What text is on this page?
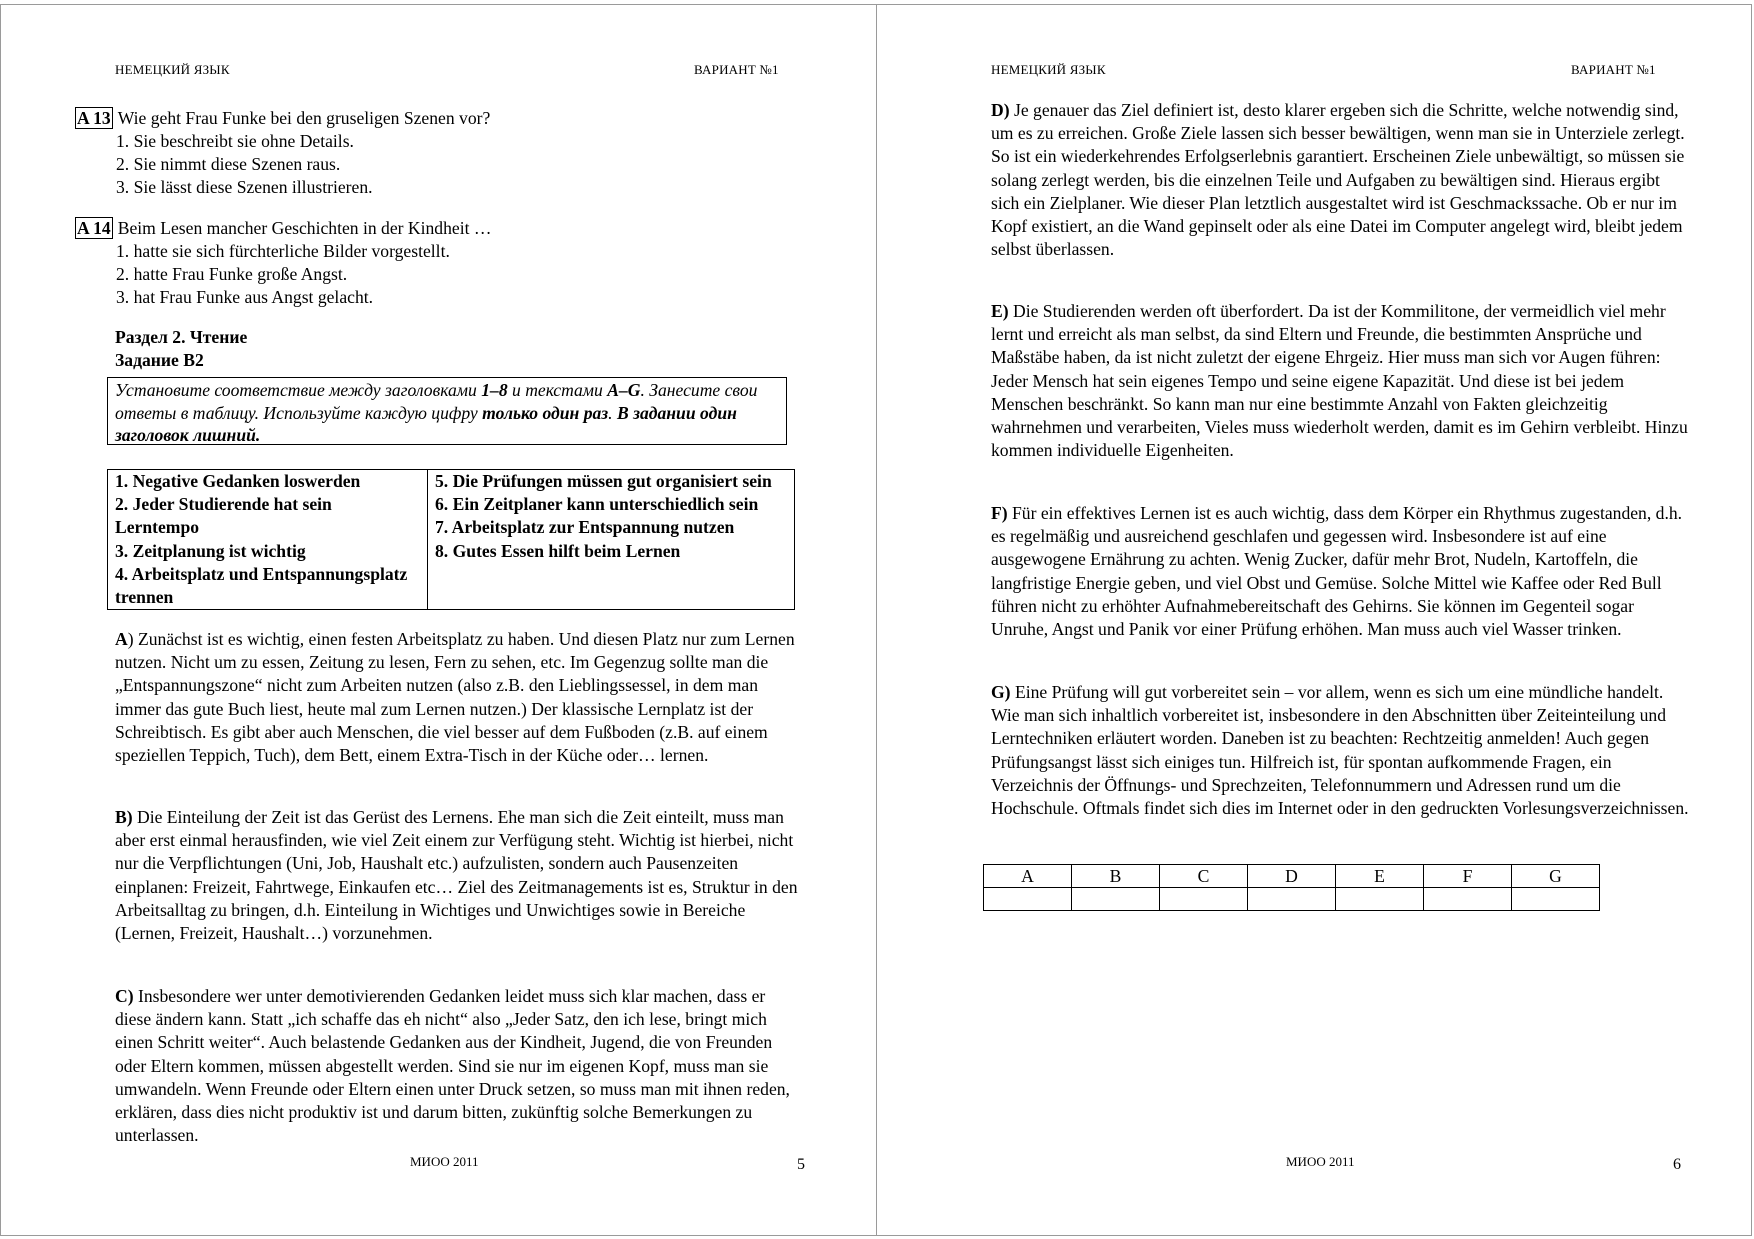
НЕМЕЦКИЙ ЯЗЫК	ВАРИАНТ №1
A 13 Wie geht Frau Funke bei den gruseligen Szenen vor?
1. Sie beschreibt sie ohne Details.
2. Sie nimmt diese Szenen raus.
3. Sie lässt diese Szenen illustrieren.
A 14 Beim Lesen mancher Geschichten in der Kindheit …
1. hatte sie sich fürchterliche Bilder vorgestellt.
2. hatte Frau Funke große Angst.
3. hat Frau Funke aus Angst gelacht.
Раздел 2. Чтение
Задание B2
Установите соответствие между заголовками 1–8 и текстами A–G. Занесите свои ответы в таблицу. Используйте каждую цифру только один раз. В задании один заголовок лишний.
1. Negative Gedanken loswerden
2. Jeder Studierende hat sein Lerntempo
3. Zeitplanung ist wichtig
4. Arbeitsplatz und Entspannungsplatz trennen
5. Die Prüfungen müssen gut organisiert sein
6. Ein Zeitplaner kann unterschiedlich sein
7. Arbeitsplatz zur Entspannung nutzen
8. Gutes Essen hilft beim Lernen

A) Zunächst ist es wichtig, einen festen Arbeitsplatz zu haben. Und diesen Platz nur zum Lernen nutzen. Nicht um zu essen, Zeitung zu lesen, Fern zu sehen, etc. Im Gegenzug sollte man die „Entspannungszone“ nicht zum Arbeiten nutzen (also z.B. den Lieblingssessel, in dem man immer das gute Buch liest, heute mal zum Lernen nutzen.) Der klassische Lernplatz ist der Schreibtisch. Es gibt aber auch Menschen, die viel besser auf dem Fußboden (z.B. auf einem speziellen Teppich, Tuch), dem Bett, einem Extra-Tisch in der Küche oder… lernen.

B) Die Einteilung der Zeit ist das Gerüst des Lernens. Ehe man sich die Zeit einteilt, muss man aber erst einmal herausfinden, wie viel Zeit einem zur Verfügung steht. Wichtig ist hierbei, nicht nur die Verpflichtungen (Uni, Job, Haushalt etc.) aufzulisten, sondern auch Pausenzeiten einplanen: Freizeit, Fahrtwege, Einkaufen etc… Ziel des Zeitmanagements ist es, Struktur in den Arbeitsalltag zu bringen, d.h. Einteilung in Wichtiges und Unwichtiges sowie in Bereiche (Lernen, Freizeit, Haushalt…) vorzunehmen.

C) Insbesondere wer unter demotivierenden Gedanken leidet muss sich klar machen, dass er diese ändern kann. Statt „ich schaffe das eh nicht“ also „Jeder Satz, den ich lese, bringt mich einen Schritt weiter“. Auch belastende Gedanken aus der Kindheit, Jugend, die von Freunden oder Eltern kommen, müssen abgestellt werden. Sind sie nur im eigenen Kopf, muss man sie umwandeln. Wenn Freunde oder Eltern einen unter Druck setzen, so muss man mit ihnen reden, erklären, dass dies nicht produktiv ist und darum bitten, zukünftig solche Bemerkungen zu unterlassen.

МИОО 2011	5
НЕМЕЦКИЙ ЯЗЫК	ВАРИАНТ №1

D) Je genauer das Ziel definiert ist, desto klarer ergeben sich die Schritte, welche notwendig sind, um es zu erreichen. Große Ziele lassen sich besser bewältigen, wenn man sie in Unterziele zerlegt. So ist ein wiederkehrendes Erfolgserlebnis garantiert. Erscheinen Ziele unbewältigt, so müssen sie solang zerlegt werden, bis die einzelnen Teile und Aufgaben zu bewältigen sind. Hieraus ergibt sich ein Zielplaner. Wie dieser Plan letztlich ausgestaltet wird ist Geschmackssache. Ob er nur im Kopf existiert, an die Wand gepinselt oder als eine Datei im Computer angelegt wird, bleibt jedem selbst überlassen.

E) Die Studierenden werden oft überfordert. Da ist der Kommilitone, der vermeidlich viel mehr lernt und erreicht als man selbst, da sind Eltern und Freunde, die bestimmten Ansprüche und Maßstäbe haben, da ist nicht zuletzt der eigene Ehrgeiz. Hier muss man sich vor Augen führen: Jeder Mensch hat sein eigenes Tempo und seine eigene Kapazität. Und diese ist bei jedem Menschen beschränkt. So kann man nur eine bestimmte Anzahl von Fakten gleichzeitig wahrnehmen und verarbeiten, Vieles muss wiederholt werden, damit es im Gehirn verbleibt. Hinzu kommen individuelle Eigenheiten.

F) Für ein effektives Lernen ist es auch wichtig, dass dem Körper ein Rhythmus zugestanden, d.h. es regelmäßig und ausreichend geschlafen und gegessen wird. Insbesondere ist auf eine ausgewogene Ernährung zu achten. Wenig Zucker, dafür mehr Brot, Nudeln, Kartoffeln, die langfristige Energie geben, und viel Obst und Gemüse. Solche Mittel wie Kaffee oder Red Bull führen nicht zu erhöhter Aufnahmebereitschaft des Gehirns. Sie können im Gegenteil sogar Unruhe, Angst und Panik vor einer Prüfung erhöhen. Man muss auch viel Wasser trinken.

G) Eine Prüfung will gut vorbereitet sein – vor allem, wenn es sich um eine mündliche handelt. Wie man sich inhaltlich vorbereitet ist, insbesondere in den Abschnitten über Zeiteinteilung und Lerntechniken erläutert worden. Daneben ist zu beachten: Rechtzeitig anmelden! Auch gegen Prüfungsangst lässt sich einiges tun. Hilfreich ist, für spontan aufkommende Fragen, ein Verzeichnis der Öffnungs- und Sprechzeiten, Telefonnummern und Adressen rund um die Hochschule. Oftmals findet sich dies im Internet oder in den gedruckten Vorlesungsverzeichnissen.

A	B	C	D	E	F	G

МИОО 2011	6
